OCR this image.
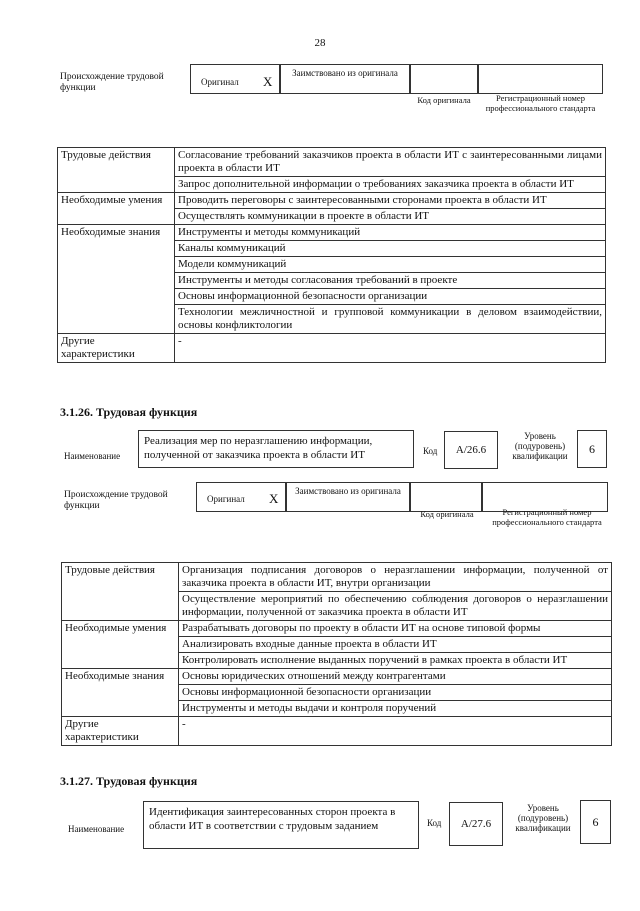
28
Происхождение трудовой функции
Оригинал X
Заимствовано из оригинала
Код оригинала	Регистрационный номер профессионального стандарта
Трудовые действия	Согласование требований заказчиков проекта в области ИТ с заинтересованными лицами проекта в области ИТ
	Запрос дополнительной информации о требованиях заказчика проекта в области ИТ
Необходимые умения	Проводить переговоры с заинтересованными сторонами проекта в области ИТ
	Осуществлять коммуникации в проекте в области ИТ
Необходимые знания	Инструменты и методы коммуникаций
	Каналы коммуникаций
	Модели коммуникаций
	Инструменты и методы согласования требований в проекте
	Основы информационной безопасности организации
	Технологии межличностной и групповой коммуникации в деловом взаимодействии, основы конфликтологии
Другие характеристики	-
3.1.26. Трудовая функция
Наименование
Реализация мер по неразглашению информации, полученной от заказчика проекта в области ИТ	Код	A/26.6
Уровень (подуровень) квалификации
6
Происхождение трудовой функции
Оригинал X	Заимствовано из оригинала
Код оригинала	Регистрационный номер профессионального стандарта
Трудовые действия	Организация подписания договоров о неразглашении информации, полученной от заказчика проекта в области ИТ, внутри организации
	Осуществление мероприятий по обеспечению соблюдения договоров о неразглашении информации, полученной от заказчика проекта в области ИТ
Необходимые умения	Разрабатывать договоры по проекту в области ИТ на основе типовой формы
	Анализировать входные данные проекта в области ИТ
	Контролировать исполнение выданных поручений в рамках проекта в области ИТ
Необходимые знания	Основы юридических отношений между контрагентами
	Основы информационной безопасности организации
	Инструменты и методы выдачи и контроля поручений
Другие характеристики	-
3.1.27. Трудовая функция
Наименование
Идентификация заинтересованных сторон проекта в области ИТ в соответствии с трудовым заданием	Код	A/27.6
Уровень (подуровень) квалификации	6
